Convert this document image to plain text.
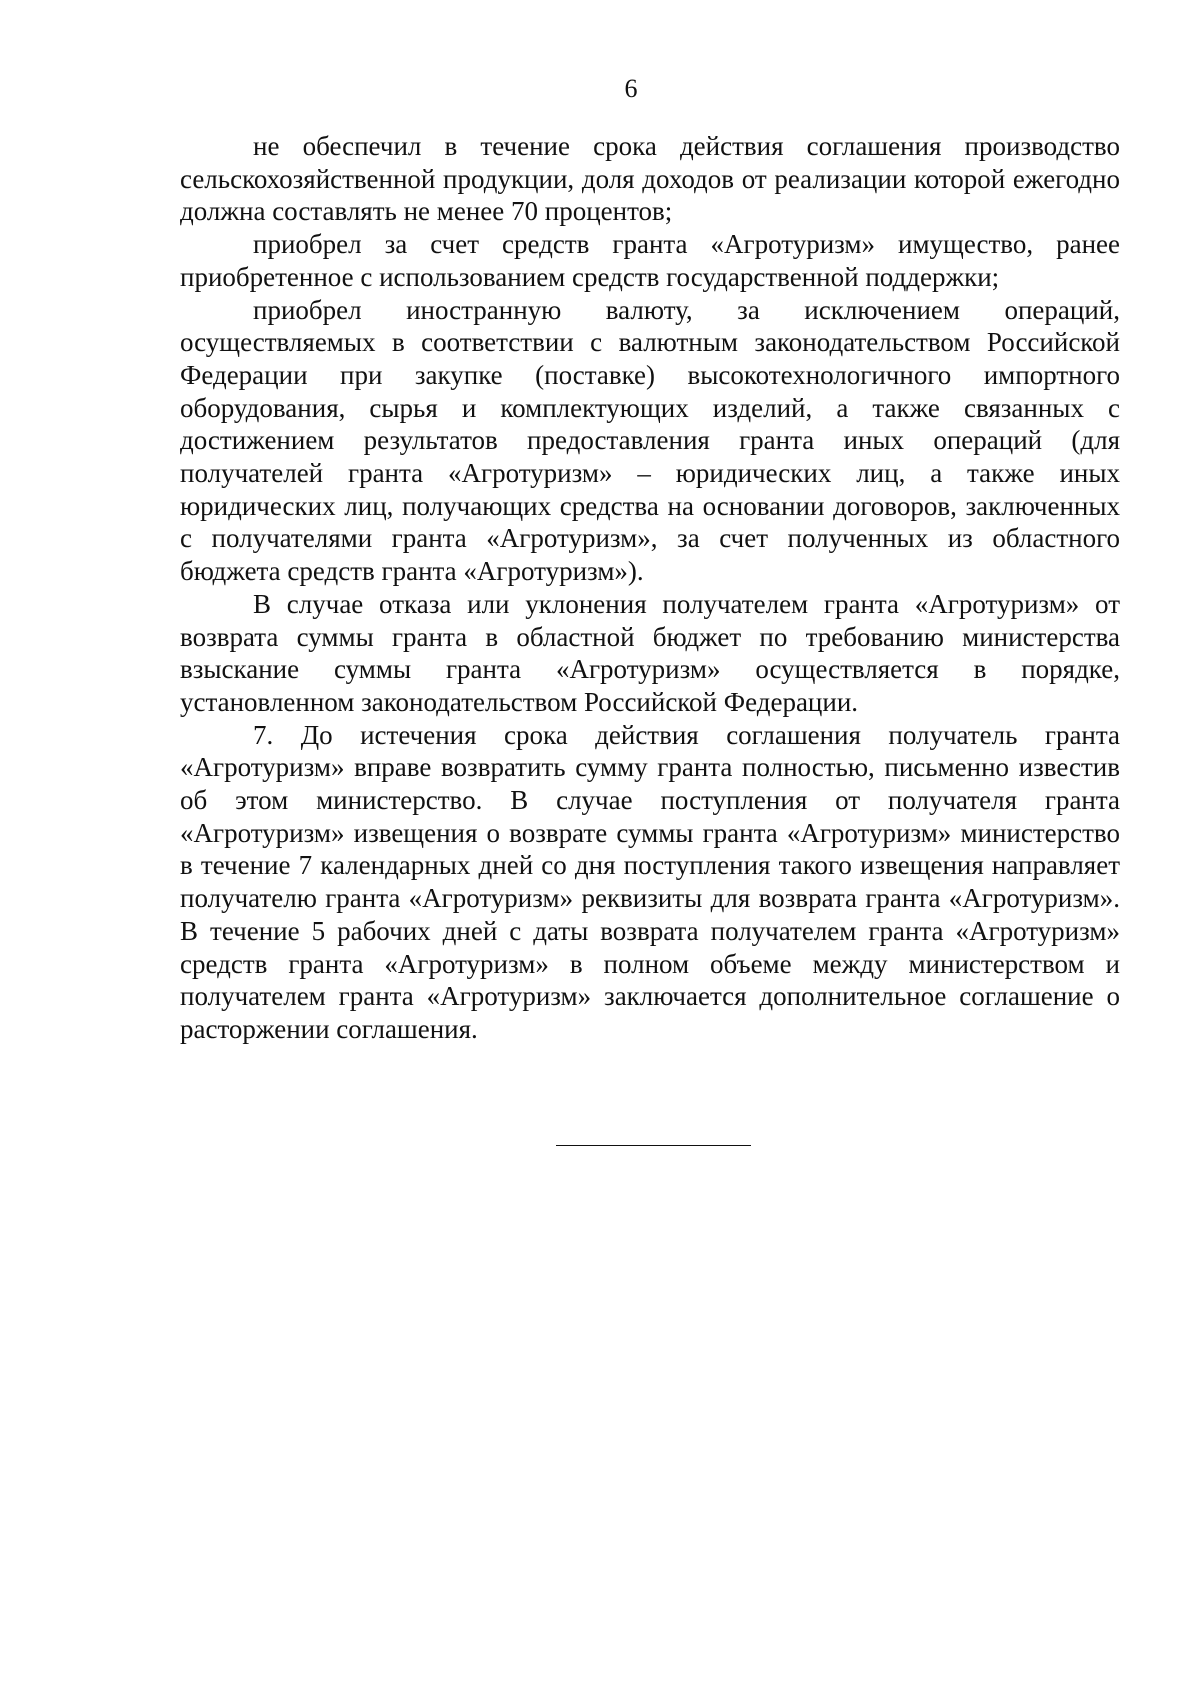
6

не обеспечил в течение срока действия соглашения производство сельскохозяйственной продукции, доля доходов от реализации которой ежегодно должна составлять не менее 70 процентов;

приобрел за счет средств гранта «Агротуризм» имущество, ранее приобретенное с использованием средств государственной поддержки;

приобрел иностранную валюту, за исключением операций, осуществляемых в соответствии с валютным законодательством Российской Федерации при закупке (поставке) высокотехнологичного импортного оборудования, сырья и комплектующих изделий, а также связанных с достижением результатов предоставления гранта иных операций (для получателей гранта «Агротуризм» – юридических лиц, а также иных юридических лиц, получающих средства на основании договоров, заключенных с получателями гранта «Агротуризм», за счет полученных из областного бюджета средств гранта «Агротуризм»).

В случае отказа или уклонения получателем гранта «Агротуризм» от возврата суммы гранта в областной бюджет по требованию министерства взыскание суммы гранта «Агротуризм» осуществляется в порядке, установленном законодательством Российской Федерации.

7. До истечения срока действия соглашения получатель гранта «Агротуризм» вправе возвратить сумму гранта полностью, письменно известив об этом министерство. В случае поступления от получателя гранта «Агротуризм» извещения о возврате суммы гранта «Агротуризм» министерство в течение 7 календарных дней со дня поступления такого извещения направляет получателю гранта «Агротуризм» реквизиты для возврата гранта «Агротуризм». В течение 5 рабочих дней с даты возврата получателем гранта «Агротуризм» средств гранта «Агротуризм» в полном объеме между министерством и получателем гранта «Агротуризм» заключается дополнительное соглашение о расторжении соглашения.
